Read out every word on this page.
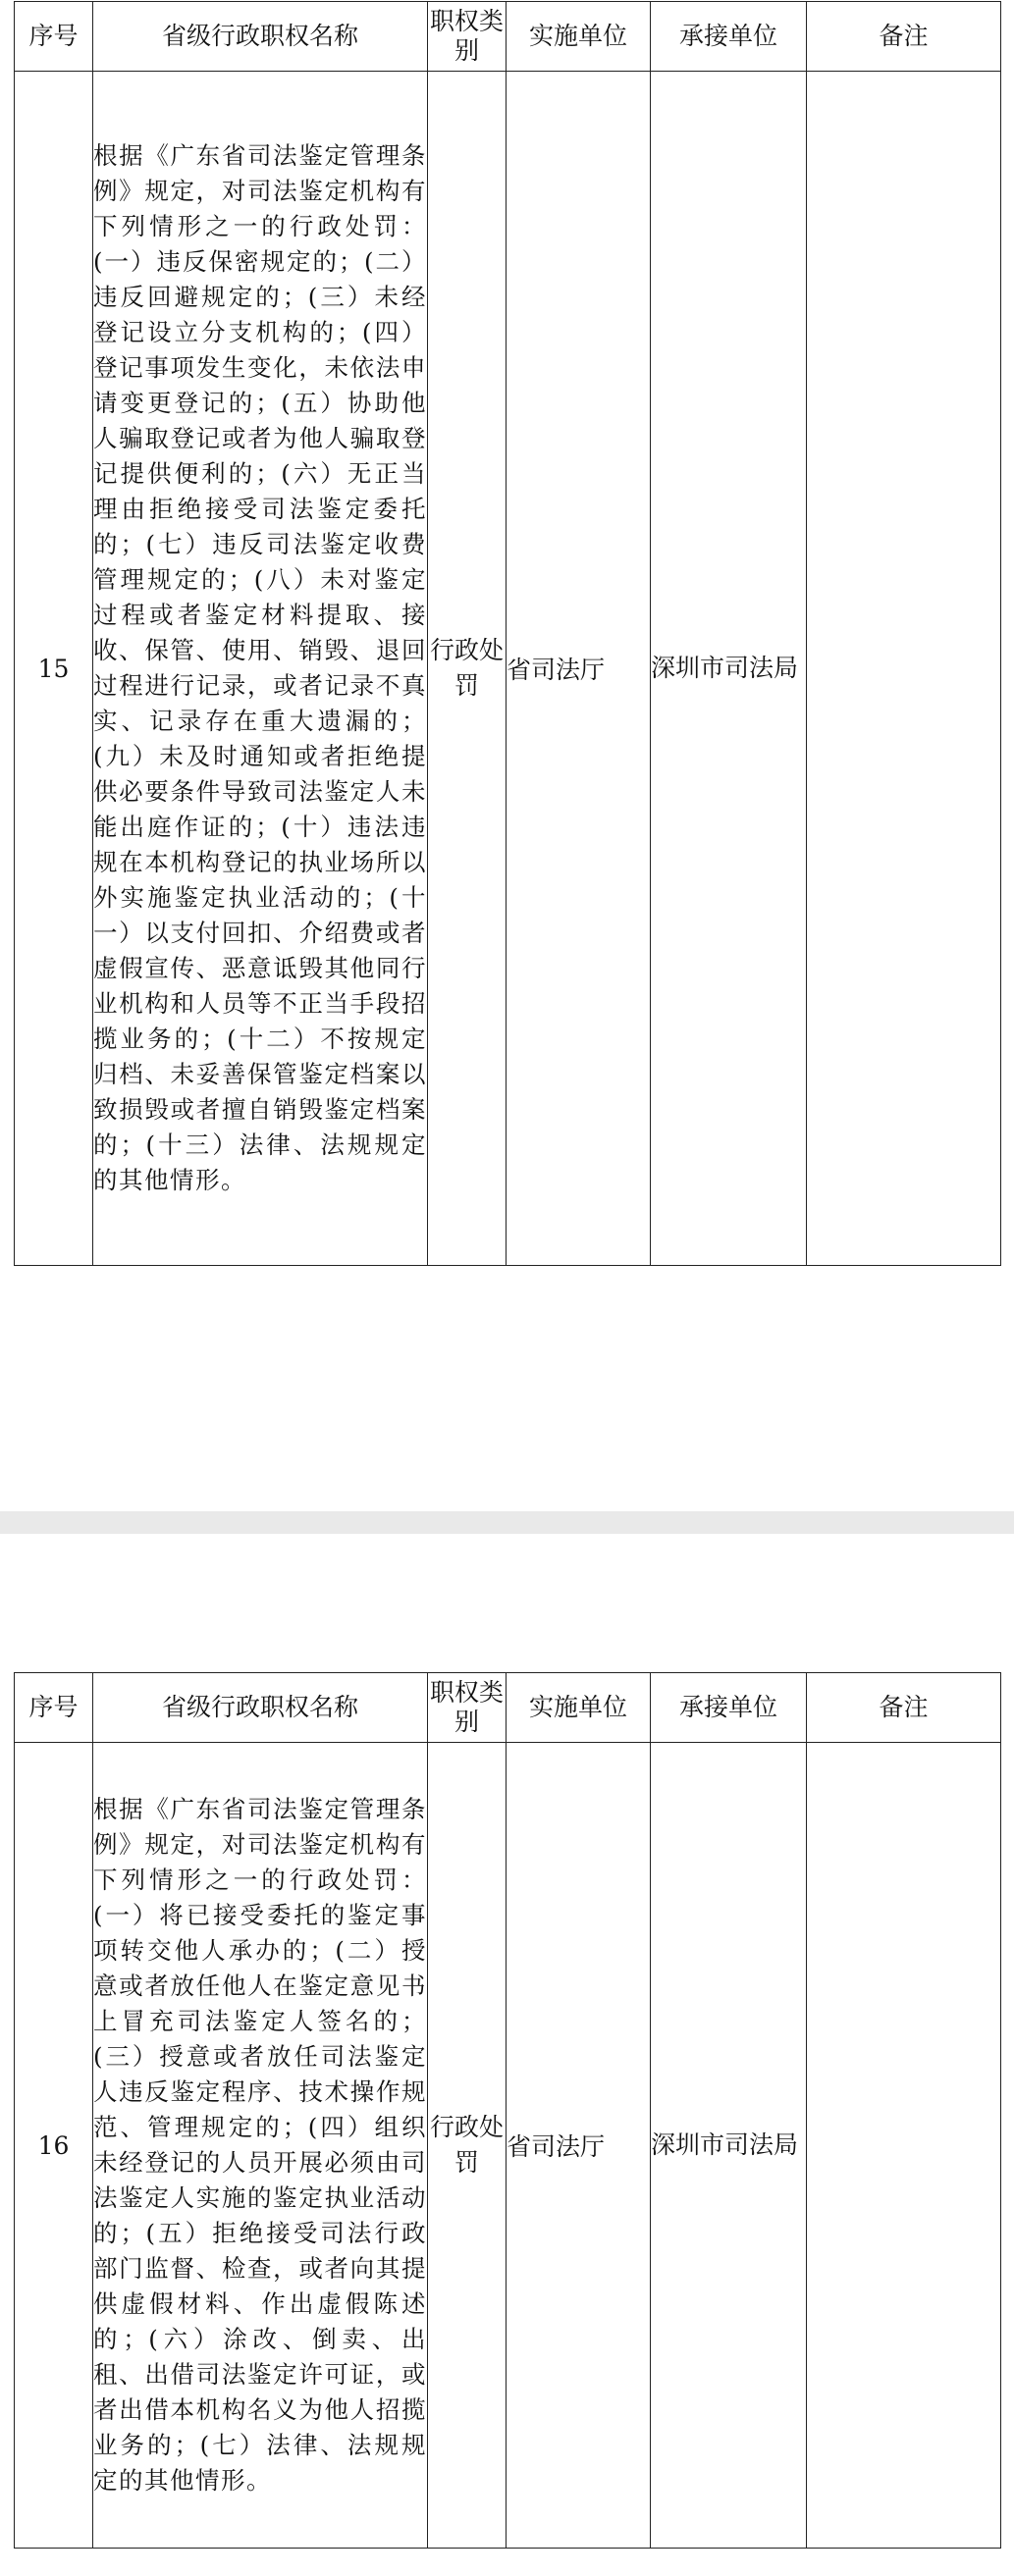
序号	省级行政职权名称	职权类别	实施单位	承接单位	备注
15	根据《广东省司法鉴定管理条例》规定，对司法鉴定机构有下列情形之一的行政处罚：(一）违反保密规定的；(二）违反回避规定的；(三）未经登记设立分支机构的；(四）登记事项发生变化，未依法申请变更登记的；(五）协助他人骗取登记或者为他人骗取登记提供便利的；(六）无正当理由拒绝接受司法鉴定委托的；(七）违反司法鉴定收费管理规定的；(八）未对鉴定过程或者鉴定材料提取、接收、保管、使用、销毁、退回过程进行记录，或者记录不真实、记录存在重大遗漏的；(九）未及时通知或者拒绝提供必要条件导致司法鉴定人未能出庭作证的；(十）违法违规在本机构登记的执业场所以外实施鉴定执业活动的；(十一）以支付回扣、介绍费或者虚假宣传、恶意诋毁其他同行业机构和人员等不正当手段招揽业务的；(十二）不按规定归档、未妥善保管鉴定档案以致损毁或者擅自销毁鉴定档案的；(十三）法律、法规规定的其他情形。	行政处罚	省司法厅	深圳市司法局	
序号	省级行政职权名称	职权类别	实施单位	承接单位	备注
16	根据《广东省司法鉴定管理条例》规定，对司法鉴定机构有下列情形之一的行政处罚：(一）将已接受委托的鉴定事项转交他人承办的；(二）授意或者放任他人在鉴定意见书上冒充司法鉴定人签名的；(三）授意或者放任司法鉴定人违反鉴定程序、技术操作规范、管理规定的；(四）组织未经登记的人员开展必须由司法鉴定人实施的鉴定执业活动的；(五）拒绝接受司法行政部门监督、检查，或者向其提供虚假材料、作出虚假陈述的；(六）涂改、倒卖、出租、出借司法鉴定许可证，或者出借本机构名义为他人招揽业务的；(七）法律、法规规定的其他情形。	行政处罚	省司法厅	深圳市司法局	
